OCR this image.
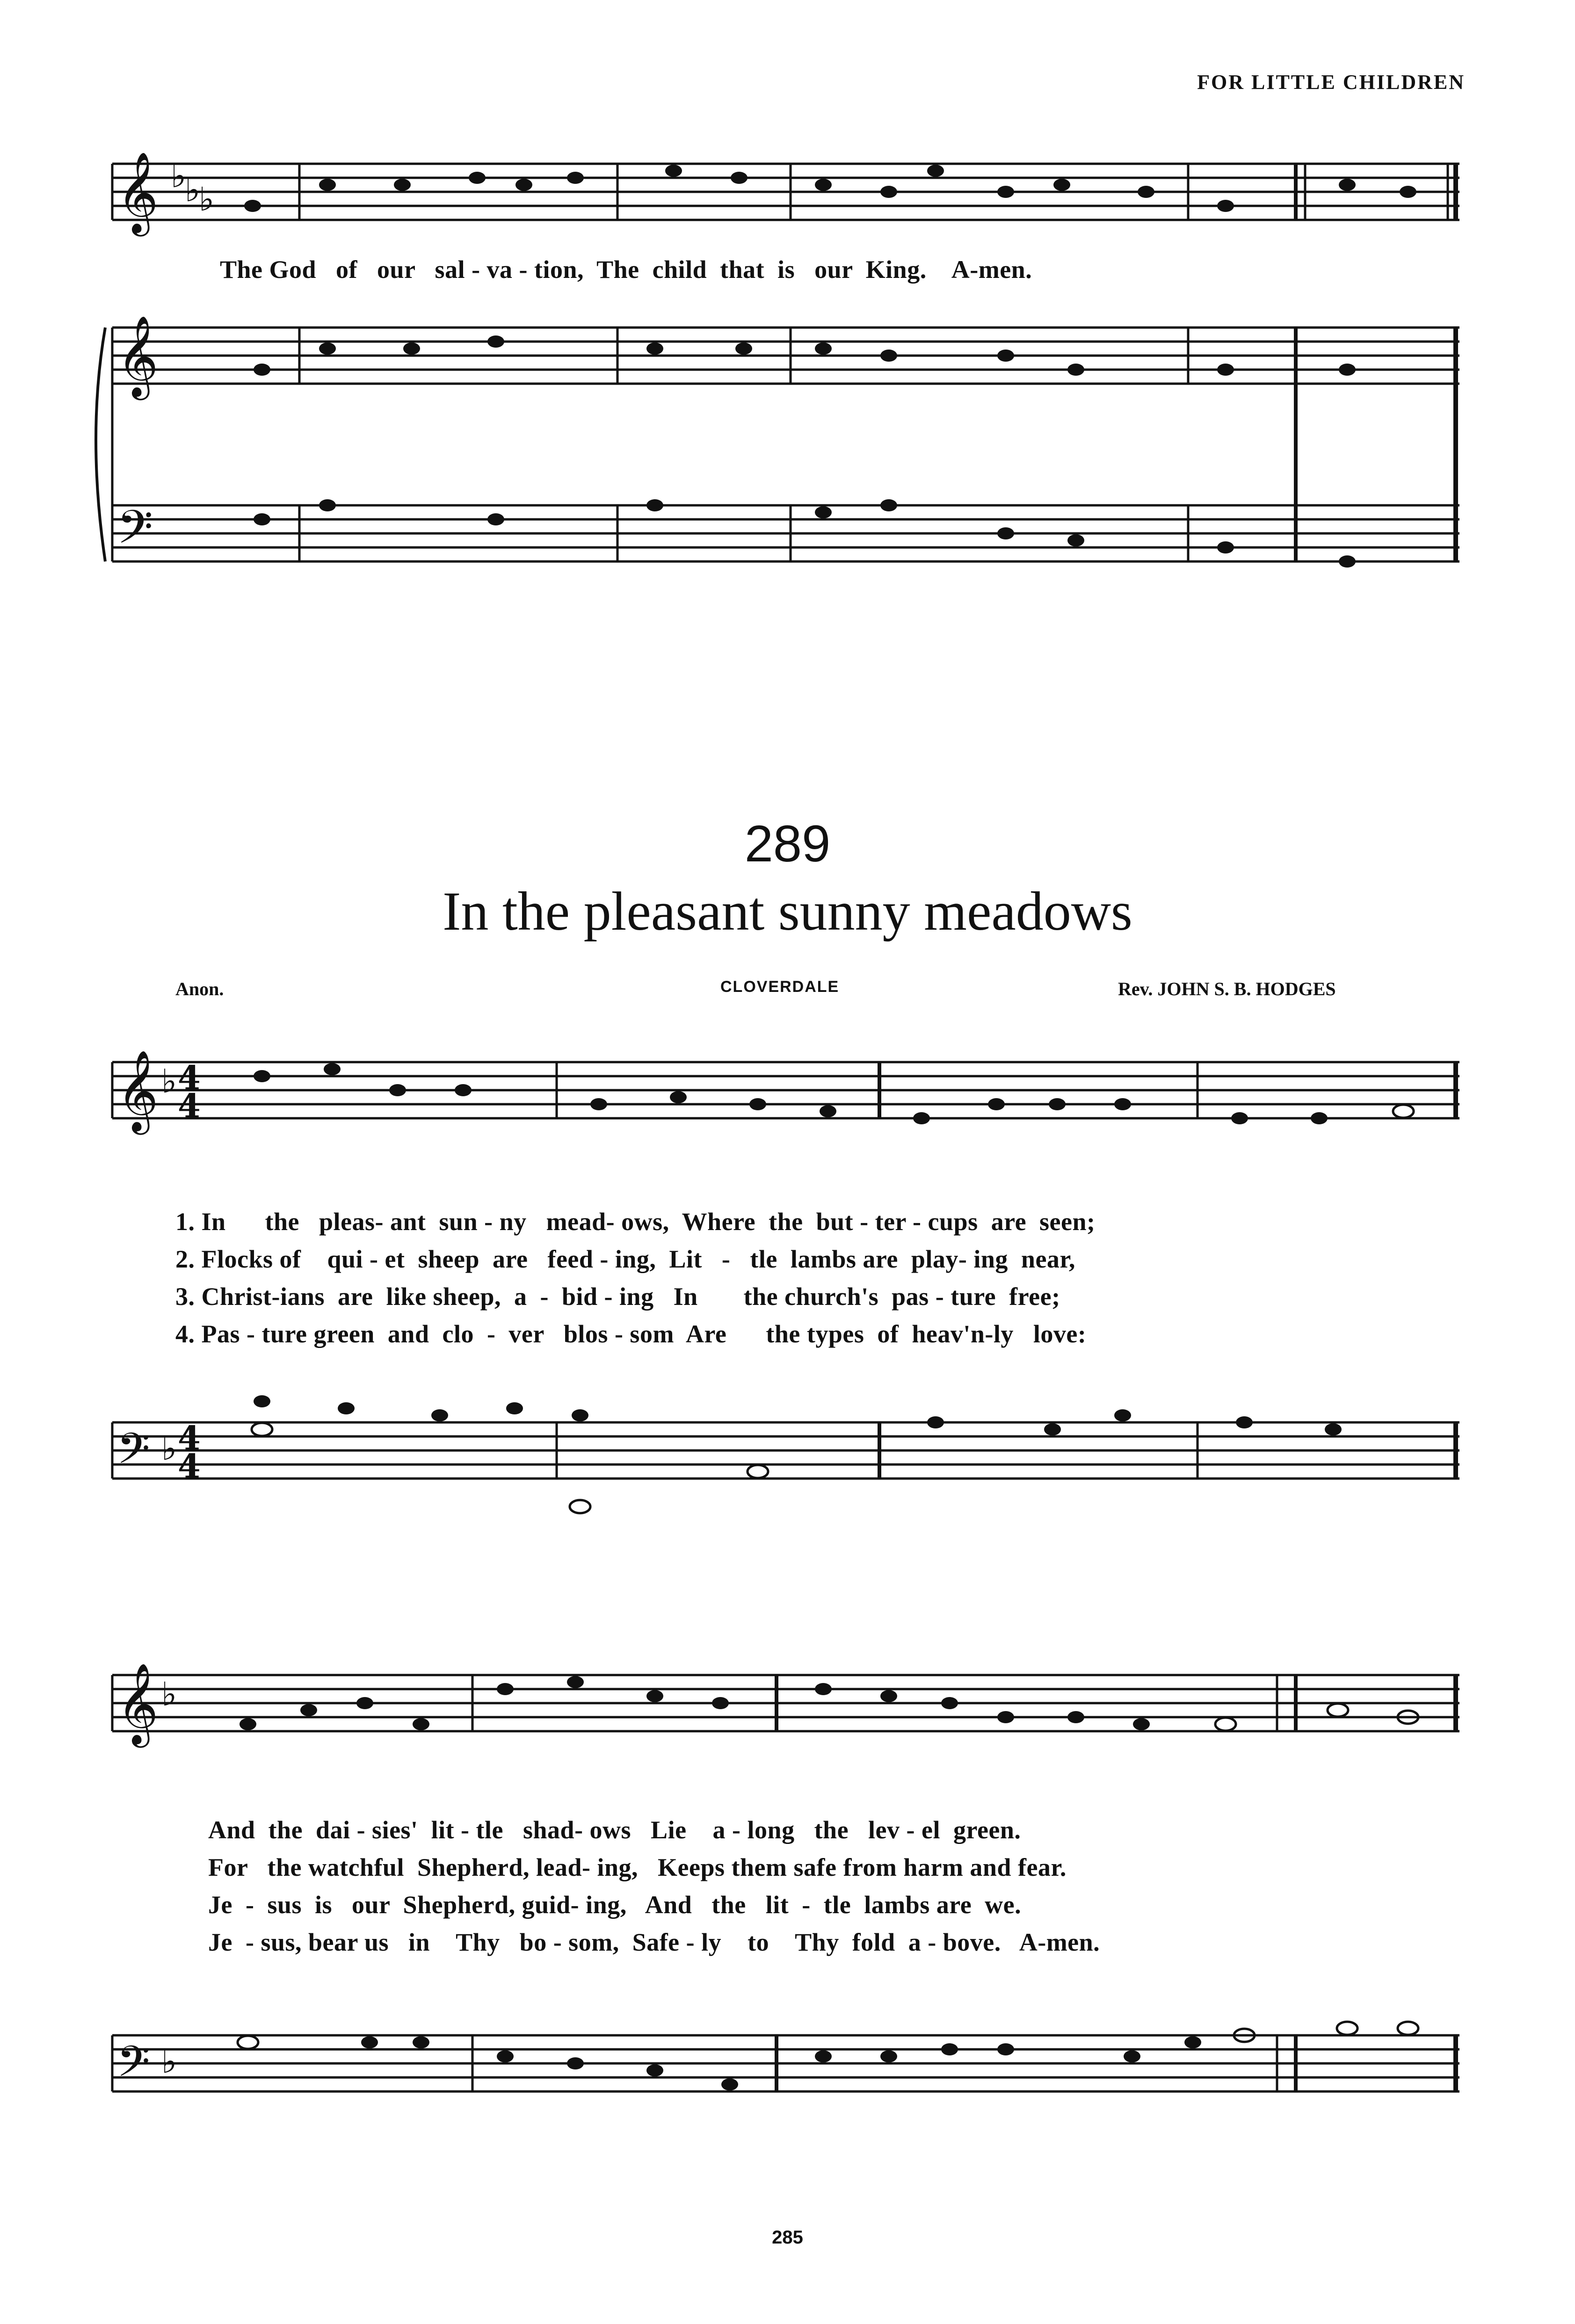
FOR LITTLE CHILDREN
𝄞 ♭
♭
♭
The God   of   our   sal - va - tion,  The  child  that  is   our  King.    A-men.
𝄞
𝄢
289
In the pleasant sunny meadows
Anon.	CLOVERDALE	Rev. JOHN S. B. HODGES
𝄞 ♭ 4
4
1. In      the   pleas- ant  sun - ny   mead- ows,  Where  the  but - ter - cups  are  seen;
2. Flocks of    qui - et  sheep  are   feed - ing,  Lit   -   tle  lambs are  play- ing  near,
3. Christ-ians  are  like sheep,  a  -  bid - ing   In       the church's  pas - ture  free;
4. Pas - ture green  and  clo  -  ver   blos - som  Are      the types  of  heav'n-ly   love:
𝄢 ♭ 4
4
𝄞 ♭
And  the  dai - sies'  lit - tle   shad- ows   Lie    a - long   the   lev - el  green.
For   the watchful  Shepherd, lead- ing,   Keeps them safe from harm and fear.
Je  -  sus  is   our  Shepherd, guid- ing,   And   the   lit  -  tle  lambs are  we.
Je  - sus, bear us   in    Thy   bo - som,  Safe - ly    to    Thy  fold  a - bove.   A-men.
𝄢 ♭
285
